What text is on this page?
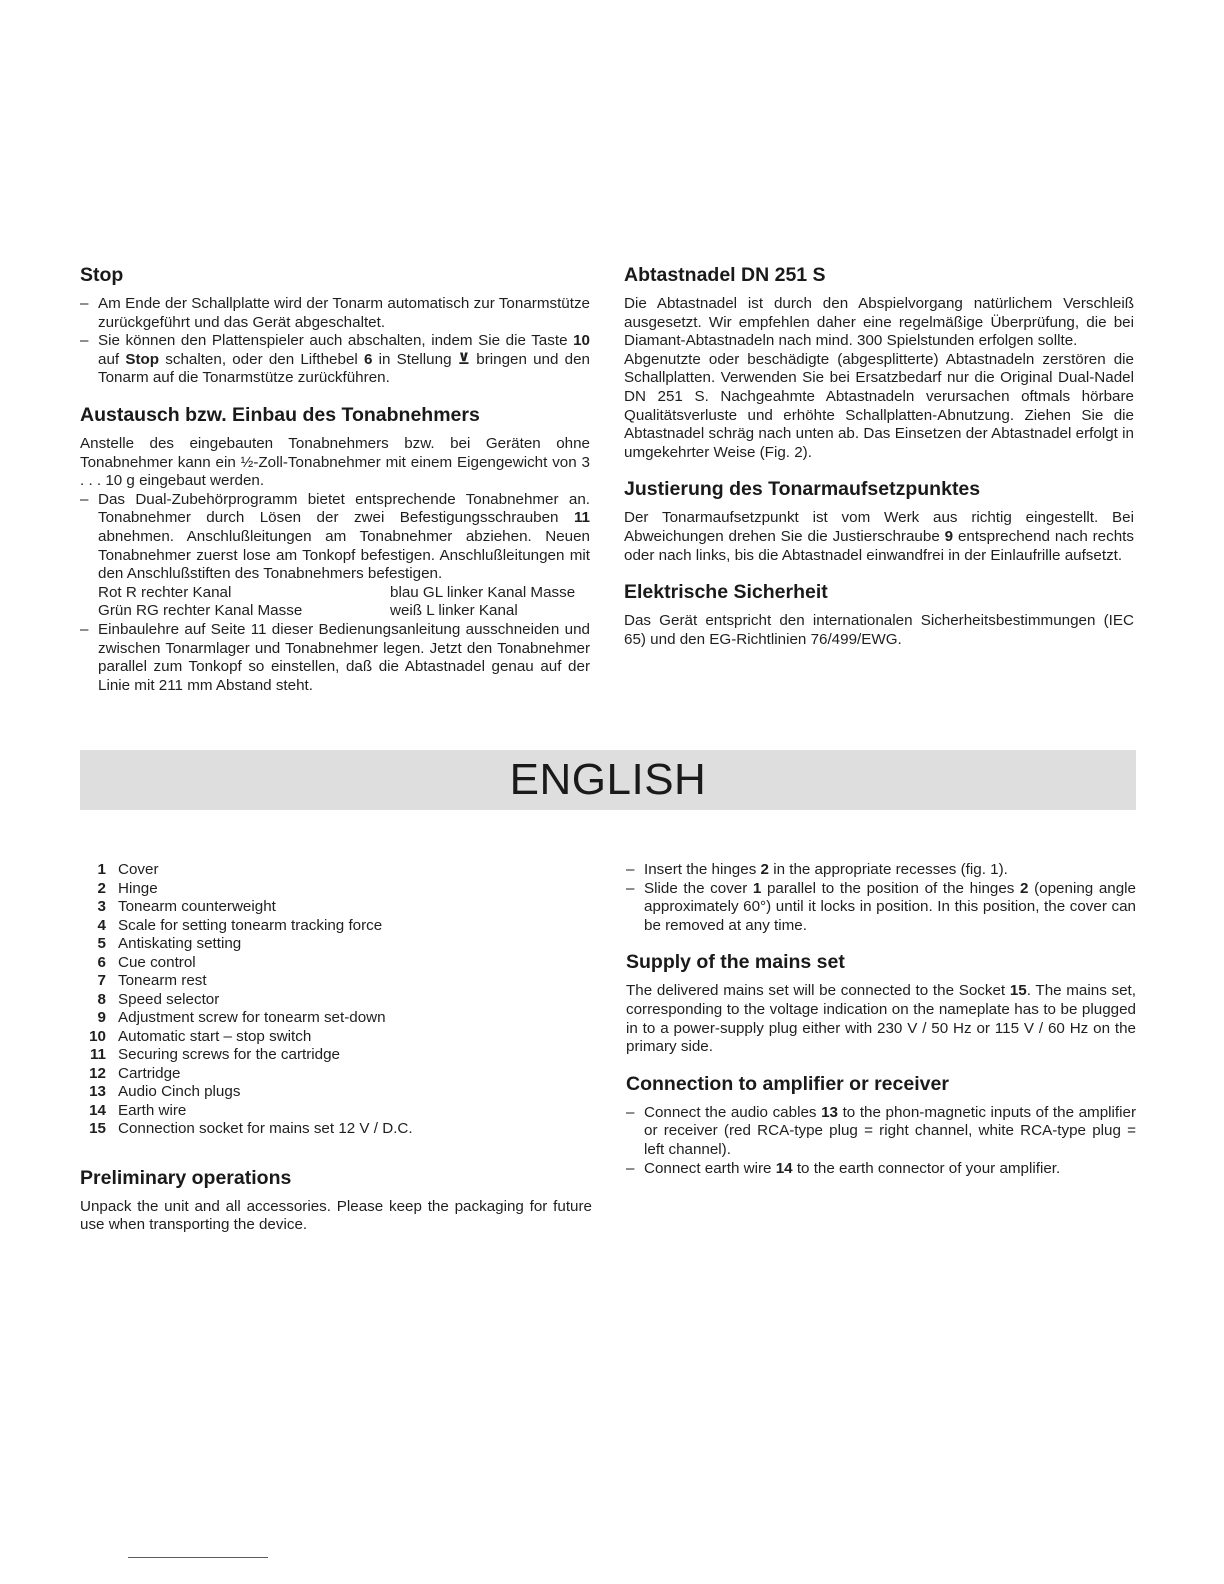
Stop
– Am Ende der Schallplatte wird der Tonarm automatisch zur Tonarmstütze zurückgeführt und das Gerät abgeschaltet.
– Sie können den Plattenspieler auch abschalten, indem Sie die Taste 10 auf Stop schalten, oder den Lifthebel 6 in Stellung ⊻ bringen und den Tonarm auf die Tonarmstütze zurückführen.
Austausch bzw. Einbau des Tonabnehmers

Anstelle des eingebauten Tonabnehmers bzw. bei Geräten ohne Tonabnehmer kann ein ½-Zoll-Tonabnehmer mit einem Eigengewicht von 3 . . . 10 g eingebaut werden.

– Das Dual-Zubehörprogramm bietet entsprechende Tonabnehmer an. Tonabnehmer durch Lösen der zwei Befestigungsschrauben 11 abnehmen. Anschlußleitungen am Tonabnehmer abziehen. Neuen Tonabnehmer zuerst lose am Tonkopf befestigen. Anschlußleitungen mit den Anschlußstiften des Tonabnehmers befestigen.
Rot R rechter Kanal	blau GL linker Kanal Masse
Grün RG rechter Kanal Masse	weiß L linker Kanal
– Einbaulehre auf Seite 11 dieser Bedienungsanleitung ausschneiden und zwischen Tonarmlager und Tonabnehmer legen. Jetzt den Tonabnehmer parallel zum Tonkopf so einstellen, daß die Abtastnadel genau auf der Linie mit 211 mm Abstand steht.
Abtastnadel DN 251 S

Die Abtastnadel ist durch den Abspielvorgang natürlichem Verschleiß ausgesetzt. Wir empfehlen daher eine regelmäßige Überprüfung, die bei Diamant-Abtastnadeln nach mind. 300 Spielstunden erfolgen sollte.

Abgenutzte oder beschädigte (abgesplitterte) Abtastnadeln zerstören die Schallplatten. Verwenden Sie bei Ersatzbedarf nur die Original Dual-Nadel DN 251 S. Nachgeahmte Abtastnadeln verursachen oftmals hörbare Qualitätsverluste und erhöhte Schallplatten-Abnutzung. Ziehen Sie die Abtastnadel schräg nach unten ab. Das Einsetzen der Abtastnadel erfolgt in umgekehrter Weise (Fig. 2).

Justierung des Tonarmaufsetzpunktes

Der Tonarmaufsetzpunkt ist vom Werk aus richtig eingestellt. Bei Abweichungen drehen Sie die Justierschraube 9 entsprechend nach rechts oder nach links, bis die Abtastnadel einwandfrei in der Einlaufrille aufsetzt.

Elektrische Sicherheit

Das Gerät entspricht den internationalen Sicherheitsbestimmungen (IEC 65) und den EG-Richtlinien 76/499/EWG.

ENGLISH
1 Cover
2 Hinge
3 Tonearm counterweight
4 Scale for setting tonearm tracking force
5 Antiskating setting
6 Cue control
7 Tonearm rest
8 Speed selector
9 Adjustment screw for tonearm set-down
10 Automatic start – stop switch
11 Securing screws for the cartridge
12 Cartridge
13 Audio Cinch plugs
14 Earth wire
15 Connection socket for mains set 12 V / D.C.
Preliminary operations

Unpack the unit and all accessories. Please keep the packaging for future use when transporting the device.

– Insert the hinges 2 in the appropriate recesses (fig. 1).
– Slide the cover 1 parallel to the position of the hinges 2 (opening angle approximately 60°) until it locks in position. In this position, the cover can be removed at any time.
Supply of the mains set

The delivered mains set will be connected to the Socket 15. The mains set, corresponding to the voltage indication on the nameplate has to be plugged in to a power-supply plug either with 230 V / 50 Hz or 115 V / 60 Hz on the primary side.

Connection to amplifier or receiver
– Connect the audio cables 13 to the phon-magnetic inputs of the amplifier or receiver (red RCA-type plug = right channel, white RCA-type plug = left channel).
– Connect earth wire 14 to the earth connector of your amplifier.
